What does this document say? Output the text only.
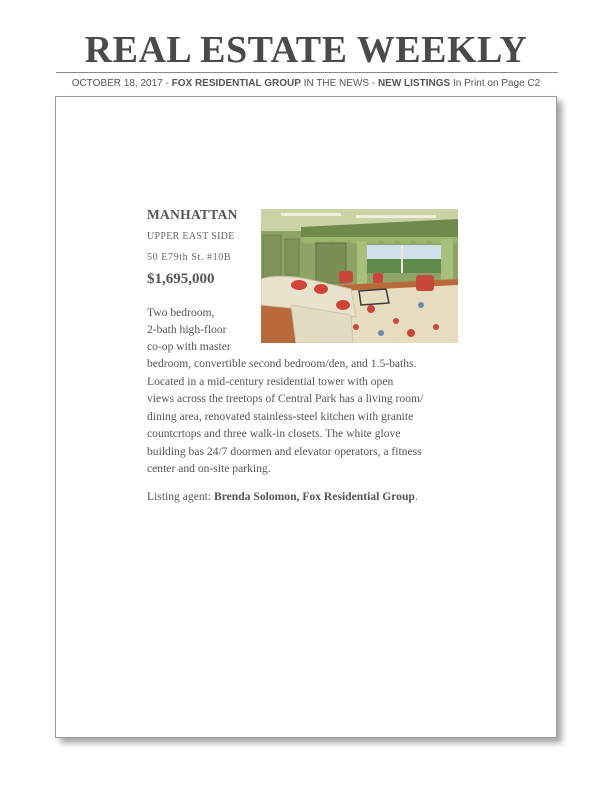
REAL ESTATE WEEKLY
OCTOBER 18, 2017 - FOX RESIDENTIAL GROUP IN THE NEWS - NEW LISTINGS In Print on Page C2
MANHATTAN
UPPER EAST SIDE
50 E79th St. #10B
$1,695,000
Two bedroom,
2-bath high-floor
co-op with master
bedroom, convertible second bedroom/den, and 1.5-baths.
Located in a mid-century residential tower with open
views across the treetops of Central Park has a living room/
dining area, renovated stainless-steel kitchen with granite
countcrtops and three walk-in closets. The white glove
building bas 24/7 doormen and elevator operators, a fitness
center and on-site parking.
Listing agent: Brenda Solomon, Fox Residential Group.
